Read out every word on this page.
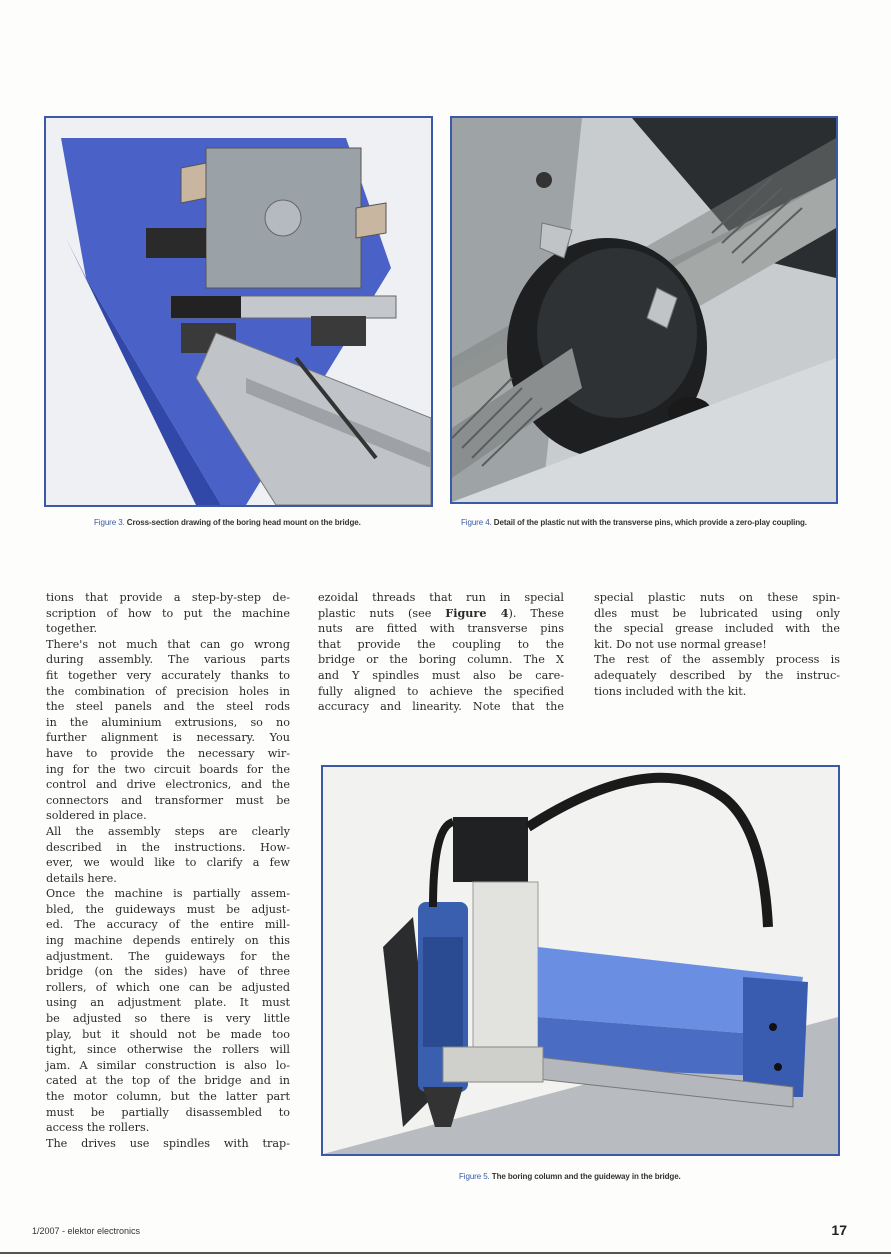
Figure 3. Cross-section drawing of the boring head mount on the bridge.	Figure 4. Detail of the plastic nut with the transverse pins, which provide a zero-play coupling.

tions that provide a step-by-step de-

scription of how to put the machine

together.

There's not much that can go wrong

during assembly. The various parts

fit together very accurately thanks to

the combination of precision holes in

the steel panels and the steel rods

in the aluminium extrusions, so no

further alignment is necessary. You

have to provide the necessary wir-

ing for the two circuit boards for the

control and drive electronics, and the

connectors and transformer must be

soldered in place.

All the assembly steps are clearly

described in the instructions. How-

ever, we would like to clarify a few

details here.

Once the machine is partially assem-

bled, the guideways must be adjust-

ed. The accuracy of the entire mill-

ing machine depends entirely on this

adjustment. The guideways for the

bridge (on the sides) have of three

rollers, of which one can be adjusted

using an adjustment plate. It must

be adjusted so there is very little

play, but it should not be made too

tight, since otherwise the rollers will

jam. A similar construction is also lo-

cated at the top of the bridge and in

the motor column, but the latter part

must be partially disassembled to

access the rollers.

The drives use spindles with trap-

ezoidal threads that run in special

plastic nuts (see Figure 4). These

nuts are fitted with transverse pins

that provide the coupling to the

bridge or the boring column. The X

and Y spindles must also be care-

fully aligned to achieve the specified

accuracy and linearity. Note that the

special plastic nuts on these spin-

dles must be lubricated using only

the special grease included with the

kit. Do not use normal grease!

The rest of the assembly process is

adequately described by the instruc-

tions included with the kit.

Figure 5. The boring column and the guideway in the bridge.
1/2007 - elektor electronics	17
